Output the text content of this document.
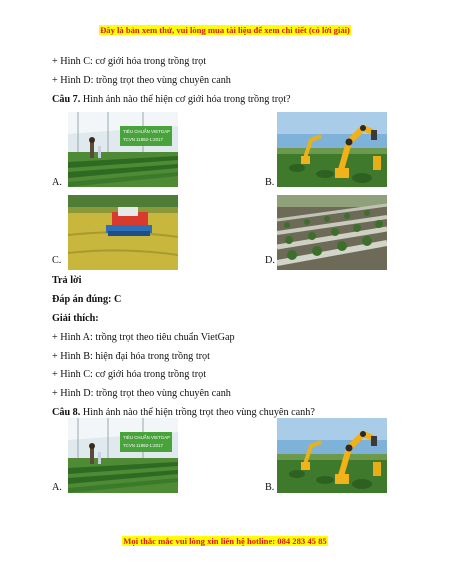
Đây là bản xem thử, vui lòng mua tài liệu để xem chi tiết (có lời giải)
+ Hình C: cơ giới hóa trong trồng trọt
+ Hình D: trồng trọt theo vùng chuyên canh
Câu 7. Hình ảnh nào thể hiện cơ giới hóa trong trồng trọt?
TIÊU CHUẨN VIETGAP
TCVN 11892-1:2017
A.	B.
C.	D.
Trả lời
Đáp án đúng: C
Giải thích:
+ Hình A: trồng trọt theo tiêu chuẩn VietGap
+ Hình B: hiện đại hóa trong trồng trọt
+ Hình C: cơ giới hóa trong trồng trọt
+ Hình D: trồng trọt theo vùng chuyên canh
Câu 8. Hình ảnh nào thể hiện trồng trọt theo vùng chuyên canh?
TIÊU CHUẨN VIETGAP
TCVN 11892-1:2017
A.	B.
Mọi thắc mắc vui lòng xin liên hệ hotline: 084 283 45 85
